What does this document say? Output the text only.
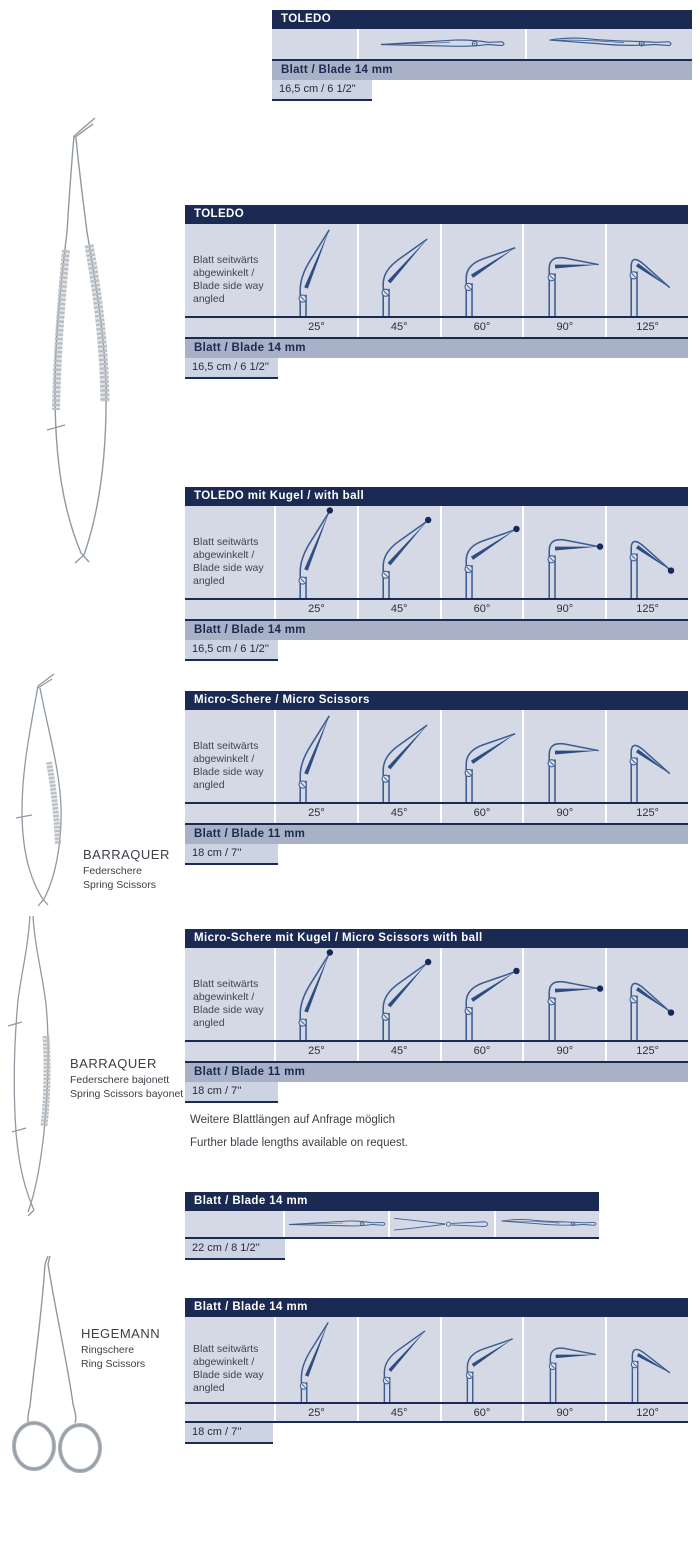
BARRAQUER
Federschere
Spring Scissors
BARRAQUER
Federschere bajonett
Spring Scissors bayonet
HEGEMANN
Ringschere
Ring Scissors
TOLEDO
Blatt / Blade 14 mm
16,5 cm / 6 1/2"
TOLEDO
Blatt seitwärts
abgewinkelt /
Blade side way
angled
25°	45°	60°	90°	125°
Blatt / Blade 14 mm
16,5 cm / 6 1/2''
TOLEDO mit Kugel / with ball
Blatt seitwärts
abgewinkelt /
Blade side way
angled
25°	45°	60°	90°	125°
Blatt / Blade 14 mm
16,5 cm / 6 1/2''
Micro-Schere / Micro Scissors
Blatt seitwärts
abgewinkelt /
Blade side way
angled
25°	45°	60°	90°	125°
Blatt / Blade 11 mm
18 cm / 7''
Micro-Schere mit Kugel / Micro Scissors with ball
Blatt seitwärts
abgewinkelt /
Blade side way
angled
25°	45°	60°	90°	125°
Blatt / Blade 11 mm
18 cm / 7''
Weitere Blattlängen auf Anfrage möglich
Further blade lengths available on request.
Blatt / Blade 14 mm
22 cm / 8 1/2''
Blatt / Blade 14 mm
Blatt seitwärts
abgewinkelt /
Blade side way
angled
25°	45°	60°	90°	120°
18 cm / 7''
